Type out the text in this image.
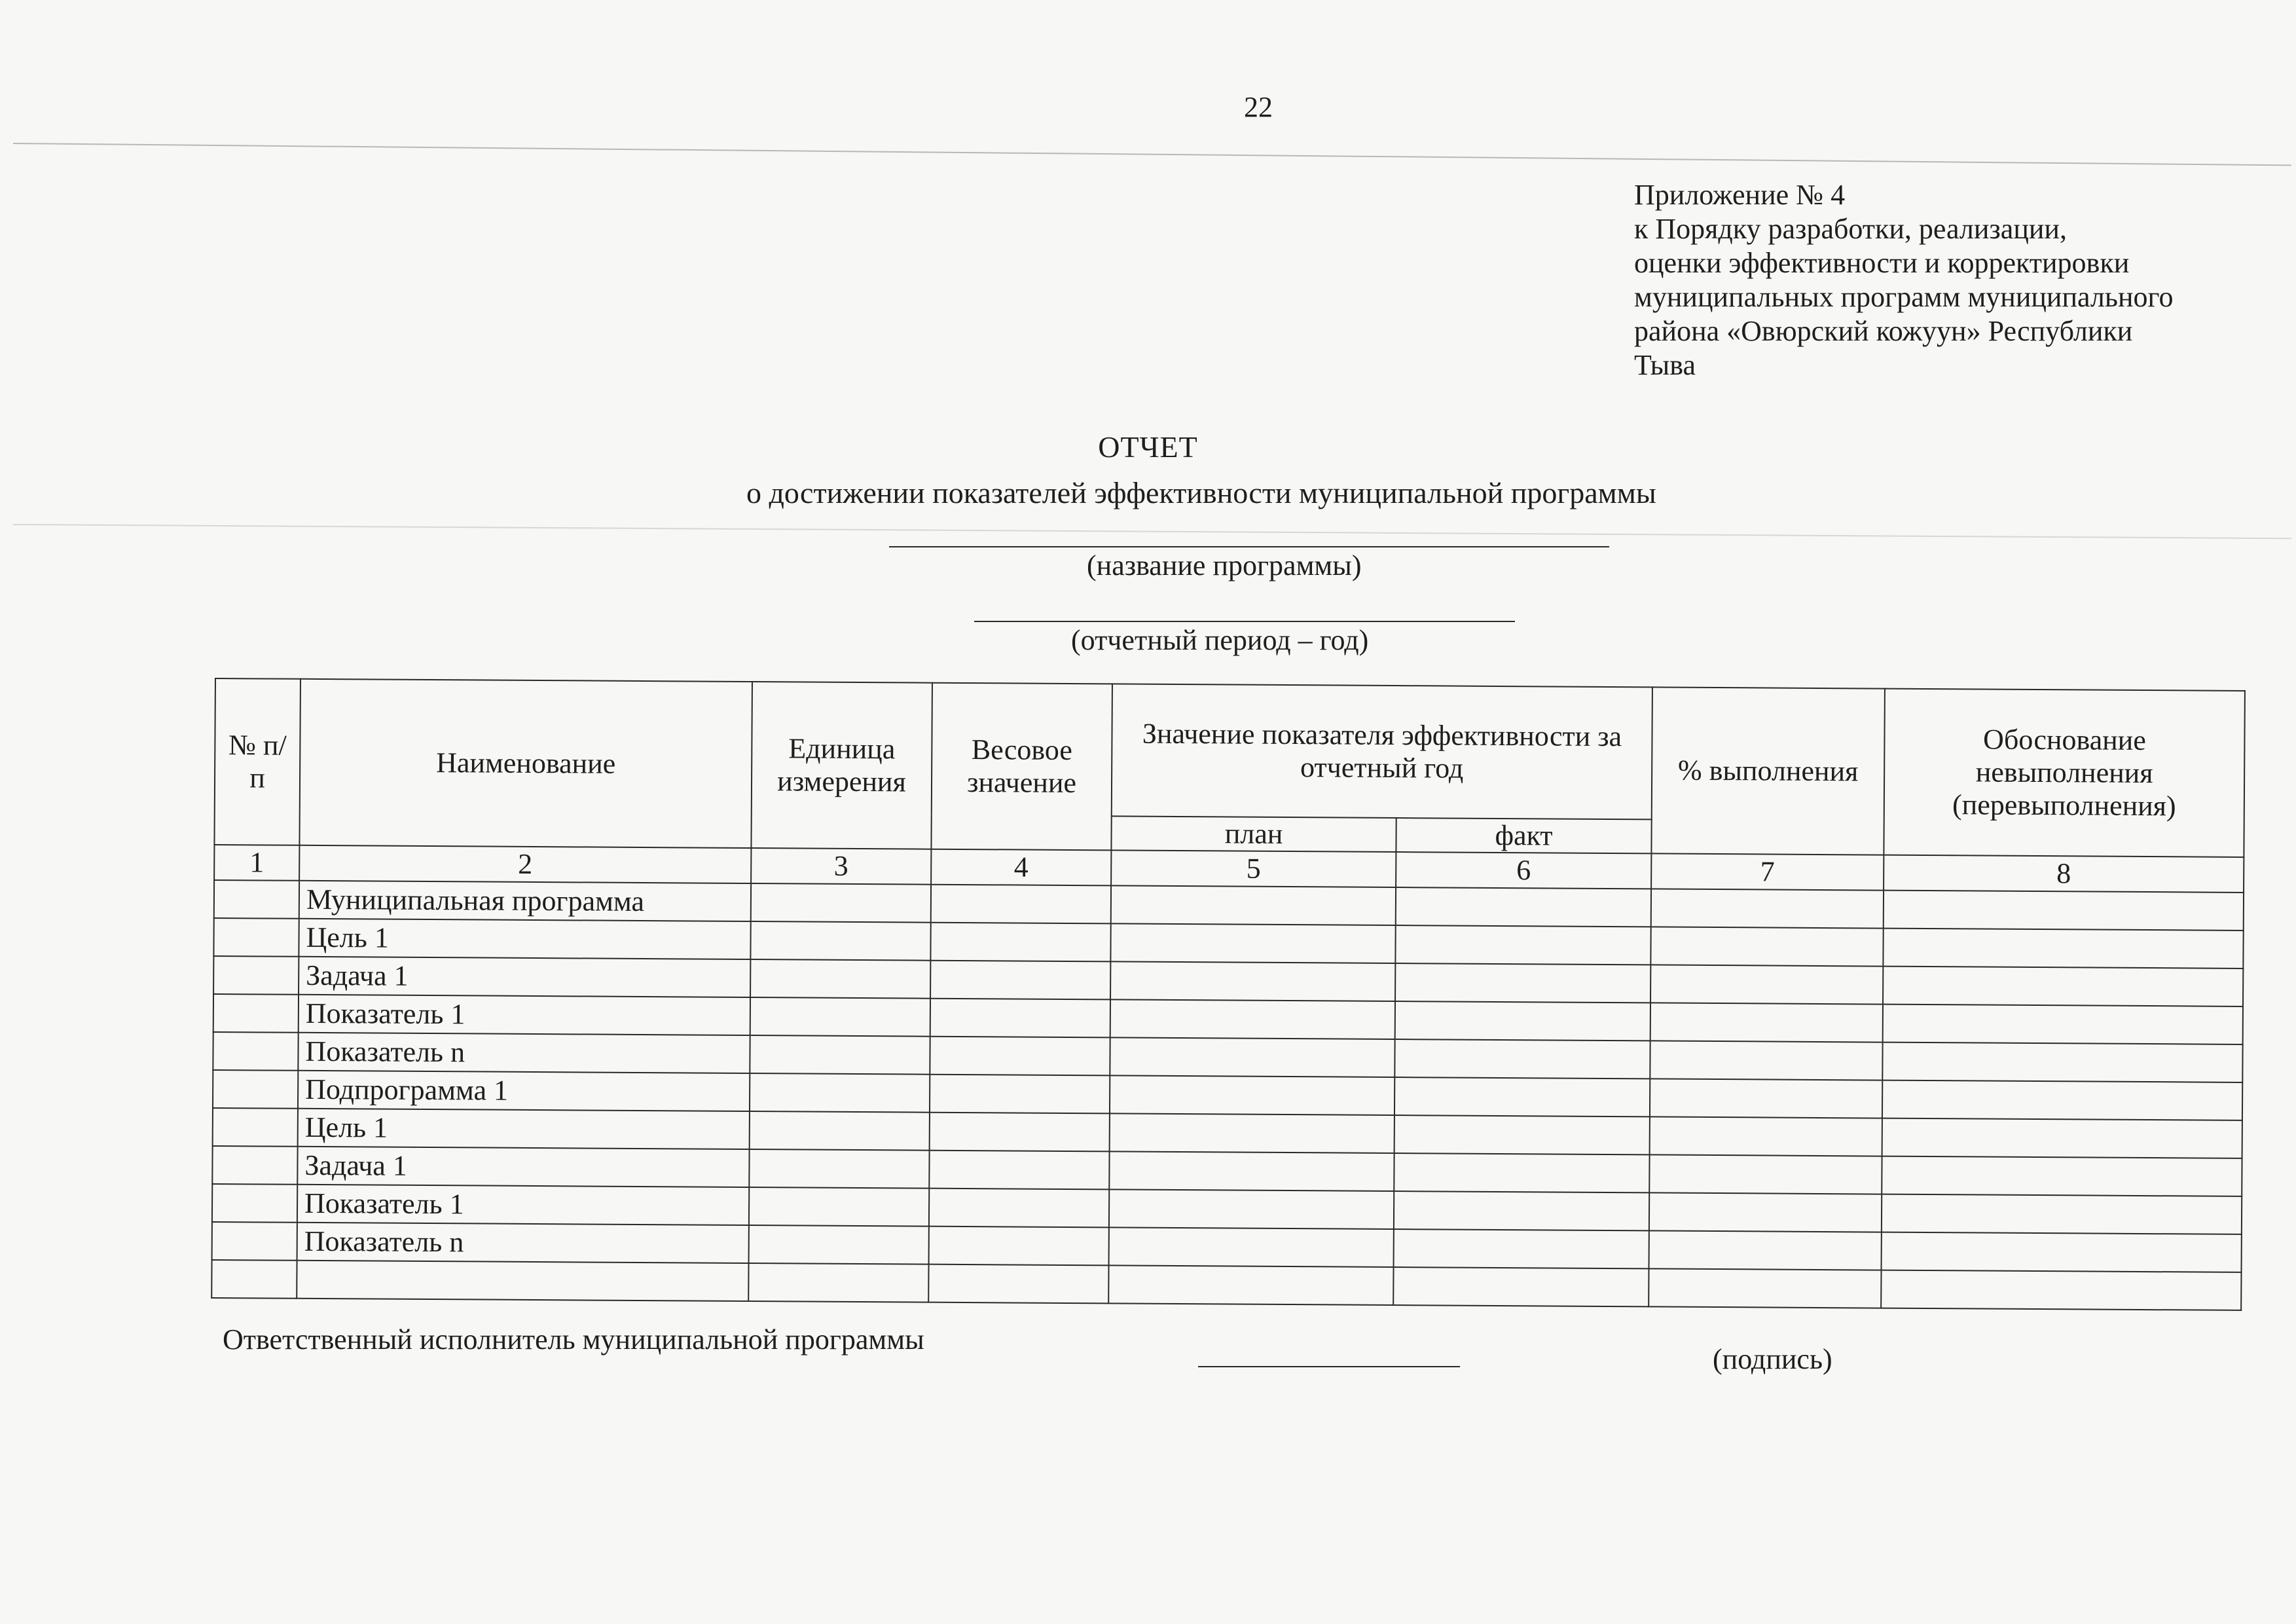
22
Приложение № 4
к Порядку разработки, реализации,
оценки эффективности и корректировки
муниципальных программ муниципального
района «Овюрский кожуун» Республики
Тыва
ОТЧЕТ
о достижении показателей эффективности муниципальной программы
(название программы)
(отчетный период – год)
№ п/п	Наименование	Единица измерения	Весовое значение	Значение показателя эффективности за отчетный год		% выполнения	Обоснование невыполнения (перевыполнения)
				план	факт		
1	2	3	4	5	6	7	8
	Муниципальная программа						
	Цель 1						
	Задача 1						
	Показатель 1						
	Показатель n						
	Подпрограмма 1						
	Цель 1						
	Задача 1						
	Показатель 1						
	Показатель n						

Ответственный исполнитель муниципальной программы
(подпись)
